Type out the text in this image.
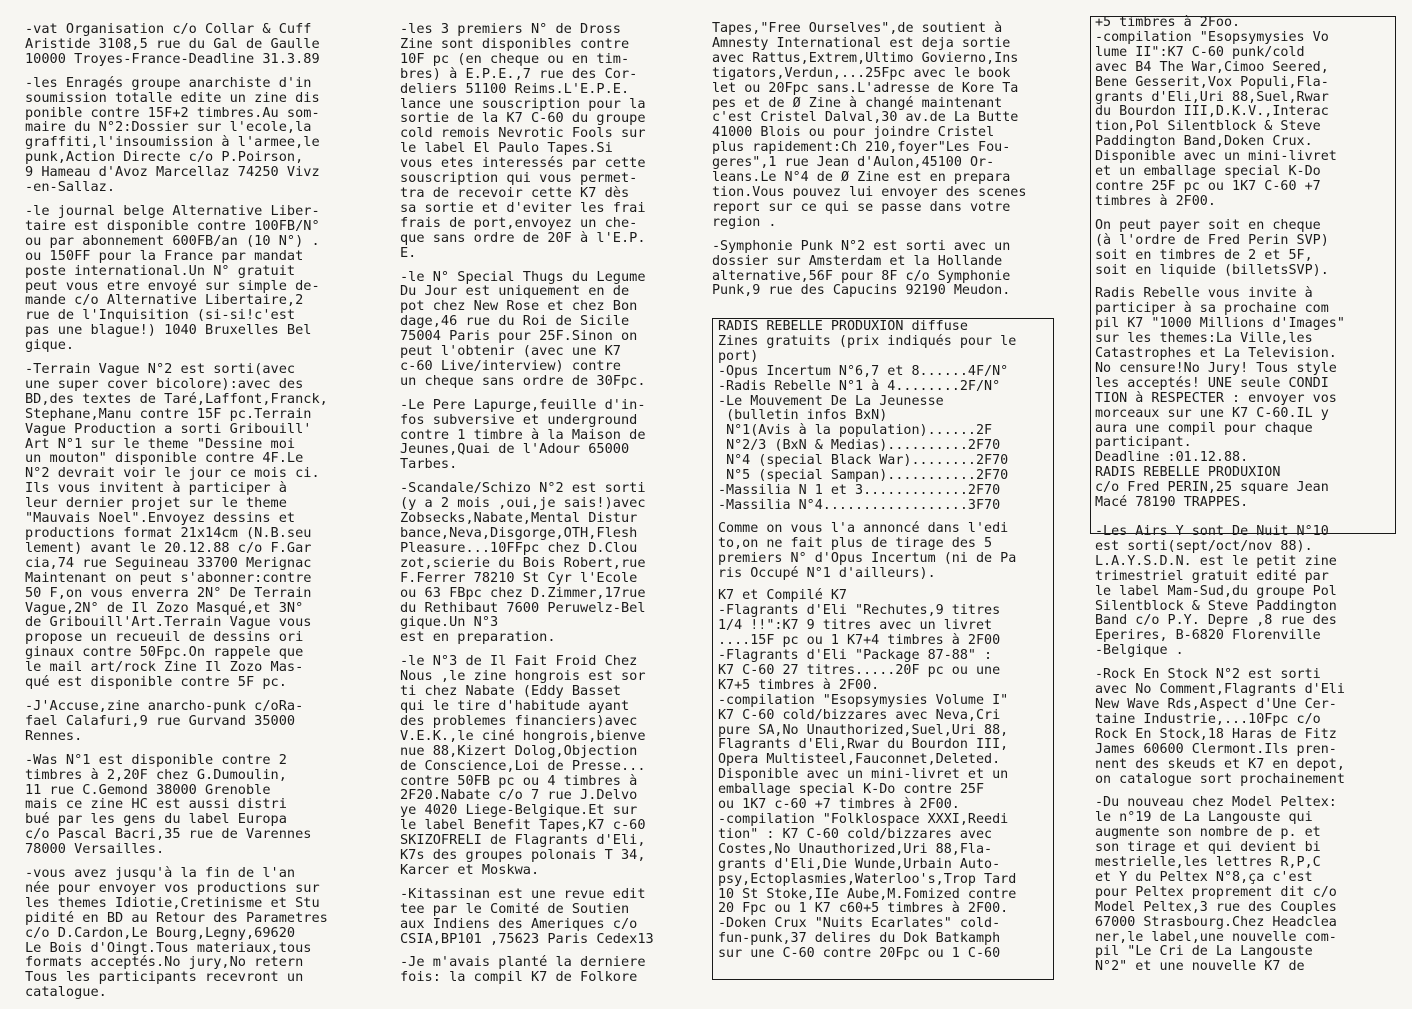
-vat Organisation c/o Collar & Cuff
Aristide 3108,5 rue du Gal de Gaulle
10000 Troyes-France-Deadline 31.3.89

-les Enragés groupe anarchiste d'in
soumission totalle edite un zine dis
ponible contre 15F+2 timbres.Au som-
maire du N°2:Dossier sur l'ecole,la
graffiti,l'insoumission à l'armee,le
punk,Action Directe c/o P.Poirson,
9 Hameau d'Avoz Marcellaz 74250 Vivz
-en-Sallaz.

-le journal belge Alternative Liber-
taire est disponible contre 100FB/N°
ou par abonnement 600FB/an (10 N°) .
ou 150FF pour la France par mandat
poste international.Un N° gratuit
peut vous etre envoyé sur simple de-
mande c/o Alternative Libertaire,2
rue de l'Inquisition (si-si!c'est
pas une blague!) 1040 Bruxelles Bel
gique.

-Terrain Vague N°2 est sorti(avec
une super cover bicolore):avec des
BD,des textes de Taré,Laffont,Franck,
Stephane,Manu contre 15F pc.Terrain
Vague Production a sorti Gribouill'
Art N°1 sur le theme "Dessine moi
un mouton" disponible contre 4F.Le
N°2 devrait voir le jour ce mois ci.
Ils vous invitent à participer à
leur dernier projet sur le theme
"Mauvais Noel".Envoyez dessins et
productions format 21x14cm (N.B.seu
lement) avant le 20.12.88 c/o F.Gar
cia,74 rue Seguineau 33700 Merignac
Maintenant on peut s'abonner:contre
50 F,on vous enverra 2N° De Terrain
Vague,2N° de Il Zozo Masqué,et 3N°
de Gribouill'Art.Terrain Vague vous
propose un recueuil de dessins ori
ginaux contre 50Fpc.On rappele que
le mail art/rock Zine Il Zozo Mas-
qué est disponible contre 5F pc.

-J'Accuse,zine anarcho-punk c/oRa-
fael Calafuri,9 rue Gurvand 35000
Rennes.

-Was N°1 est disponible contre 2
timbres à 2,20F chez G.Dumoulin,
11 rue C.Gemond 38000 Grenoble
mais ce zine HC est aussi distri
bué par les gens du label Europa
c/o Pascal Bacri,35 rue de Varennes
78000 Versailles.

-vous avez jusqu'à la fin de l'an
née pour envoyer vos productions sur
les themes Idiotie,Cretinisme et Stu
pidité en BD au Retour des Parametres
c/o D.Cardon,Le Bourg,Legny,69620
Le Bois d'Oingt.Tous materiaux,tous
formats acceptés.No jury,No retern
Tous les participants recevront un
catalogue.

-les 3 premiers N° de Dross
Zine sont disponibles contre
10F pc (en cheque ou en tim-
bres) à E.P.E.,7 rue des Cor-
deliers 51100 Reims.L'E.P.E.
lance une souscription pour la
sortie de la K7 C-60 du groupe
cold remois Nevrotic Fools sur
le label El Paulo Tapes.Si
vous etes interessés par cette
souscription qui vous permet-
tra de recevoir cette K7 dès
sa sortie et d'eviter les frai
frais de port,envoyez un che-
que sans ordre de 20F à l'E.P.
E.

-le N° Special Thugs du Legume
Du Jour est uniquement en de
pot chez New Rose et chez Bon
dage,46 rue du Roi de Sicile
75004 Paris pour 25F.Sinon on
peut l'obtenir (avec une K7
c-60 Live/interview) contre
un cheque sans ordre de 30Fpc.

-Le Pere Lapurge,feuille d'in-
fos subversive et underground
contre 1 timbre à la Maison de
Jeunes,Quai de l'Adour 65000
Tarbes.

-Scandale/Schizo N°2 est sorti
(y a 2 mois ,oui,je sais!)avec
Zobsecks,Nabate,Mental Distur
bance,Neva,Disgorge,OTH,Flesh
Pleasure...10FFpc chez D.Clou
zot,scierie du Bois Robert,rue
F.Ferrer 78210 St Cyr l'Ecole
ou 63 FBpc chez D.Zimmer,17rue
du Rethibaut 7600 Peruwelz-Bel
gique.Un N°3
est en preparation.

-le N°3 de Il Fait Froid Chez
Nous ,le zine hongrois est sor
ti chez Nabate (Eddy Basset
qui le tire d'habitude ayant
des problemes financiers)avec
V.E.K.,le ciné hongrois,bienve
nue 88,Kizert Dolog,Objection
de Conscience,Loi de Presse...
contre 50FB pc ou 4 timbres à
2F20.Nabate c/o 7 rue J.Delvo
ye 4020 Liege-Belgique.Et sur
le label Benefit Tapes,K7 c-60
SKIZOFRELI de Flagrants d'Eli,
K7s des groupes polonais T 34,
Karcer et Moskwa.

-Kitassinan est une revue edit
tee par le Comité de Soutien
aux Indiens des Ameriques c/o
CSIA,BP101 ,75623 Paris Cedex13

-Je m'avais planté la derniere
fois: la compil K7 de Folkore

Tapes,"Free Ourselves",de soutient à
Amnesty International est deja sortie
avec Rattus,Extrem,Ultimo Govierno,Ins
tigators,Verdun,...25Fpc avec le book
let ou 20Fpc sans.L'adresse de Kore Ta
pes et de Ø Zine à changé maintenant
c'est Cristel Dalval,30 av.de La Butte
41000 Blois ou pour joindre Cristel
plus rapidement:Ch 210,foyer"Les Fou-
geres",1 rue Jean d'Aulon,45100 Or-
leans.Le N°4 de Ø Zine est en prepara
tion.Vous pouvez lui envoyer des scenes
report sur ce qui se passe dans votre
region .

-Symphonie Punk N°2 est sorti avec un
dossier sur Amsterdam et la Hollande
alternative,56F pour 8F c/o Symphonie
Punk,9 rue des Capucins 92190 Meudon.

RADIS REBELLE PRODUXION diffuse

Zines gratuits (prix indiqués pour le
port)

-Opus Incertum N°6,7 et 8......4F/N°
-Radis Rebelle N°1 à 4........2F/N°
-Le Mouvement De La Jeunesse
(bulletin infos BxN)
N°1(Avis à la population)......2F
N°2/3 (BxN & Medias)..........2F70
N°4 (special Black War)........2F70
N°5 (special Sampan)...........2F70
-Massilia N 1 et 3.............2F70
-Massilia N°4..................3F70

Comme on vous l'a annoncé dans l'edi
to,on ne fait plus de tirage des 5
premiers N° d'Opus Incertum (ni de Pa
ris Occupé N°1 d'ailleurs).

K7 et Compilé K7

-Flagrants d'Eli "Rechutes,9 titres
1/4 !!":K7 9 titres avec un livret
....15F pc ou 1 K7+4 timbres à 2F00
-Flagrants d'Eli "Package 87-88" :
K7 C-60 27 titres.....20F pc ou une
K7+5 timbres à 2F00.
-compilation "Esopsymysies Volume I"
K7 C-60 cold/bizzares avec Neva,Cri
pure SA,No Unauthorized,Suel,Uri 88,
Flagrants d'Eli,Rwar du Bourdon III,
Opera Multisteel,Fauconnet,Deleted.
Disponible avec un mini-livret et un
emballage special K-Do contre 25F
ou 1K7 c-60 +7 timbres à 2F00.
-compilation "Folklospace XXXI,Reedi
tion" : K7 C-60 cold/bizzares avec
Costes,No Unauthorized,Uri 88,Fla-
grants d'Eli,Die Wunde,Urbain Auto-
psy,Ectoplasmies,Waterloo's,Trop Tard
10 St Stoke,IIe Aube,M.Fomized contre
20 Fpc ou 1 K7 c60+5 timbres à 2F00.
-Doken Crux "Nuits Ecarlates" cold-
fun-punk,37 delires du Dok Batkamph
sur une C-60 contre 20Fpc ou 1 C-60

+5 timbres à 2Foo.
-compilation "Esopsymysies Vo
lume II":K7 C-60 punk/cold
avec B4 The War,Cimoo Seered,
Bene Gesserit,Vox Populi,Fla-
grants d'Eli,Uri 88,Suel,Rwar
du Bourdon III,D.K.V.,Interac
tion,Pol Silentblock & Steve
Paddington Band,Doken Crux.
Disponible avec un mini-livret
et un emballage special K-Do
contre 25F pc ou 1K7 C-60 +7
timbres à 2F00.

On peut payer soit en cheque
(à l'ordre de Fred Perin SVP)
soit en timbres de 2 et 5F,
soit en liquide (billetsSVP).

Radis Rebelle vous invite à
participer à sa prochaine com
pil K7 "1000 Millions d'Images"
sur les themes:La Ville,les
Catastrophes et La Television.
No censure!No Jury! Tous style
les acceptés! UNE seule CONDI
TION à RESPECTER : envoyer vos
morceaux sur une K7 C-60.IL y
aura une compil pour chaque
participant.
Deadline :01.12.88.
RADIS REBELLE PRODUXION
c/o Fred PERIN,25 square Jean
Macé 78190 TRAPPES.

-Les Airs Y sont De Nuit N°10
est sorti(sept/oct/nov 88).
L.A.Y.S.D.N. est le petit zine
trimestriel gratuit edité par
le label Mam-Sud,du groupe Pol
Silentblock & Steve Paddington
Band c/o P.Y. Depre ,8 rue des
Eperires, B-6820 Florenville
-Belgique .

-Rock En Stock N°2 est sorti
avec No Comment,Flagrants d'Eli
New Wave Rds,Aspect d'Une Cer-
taine Industrie,...10Fpc c/o
Rock En Stock,18 Haras de Fitz
James 60600 Clermont.Ils pren-
nent des skeuds et K7 en depot,
on catalogue sort prochainement

-Du nouveau chez Model Peltex:
le n°19 de La Langouste qui
augmente son nombre de p. et
son tirage et qui devient bi
mestrielle,les lettres R,P,C
et Y du Peltex N°8,ça c'est
pour Peltex proprement dit c/o
Model Peltex,3 rue des Couples
67000 Strasbourg.Chez Headclea
ner,le label,une nouvelle com-
pil "Le Cri de La Langouste
N°2" et une nouvelle K7 de
